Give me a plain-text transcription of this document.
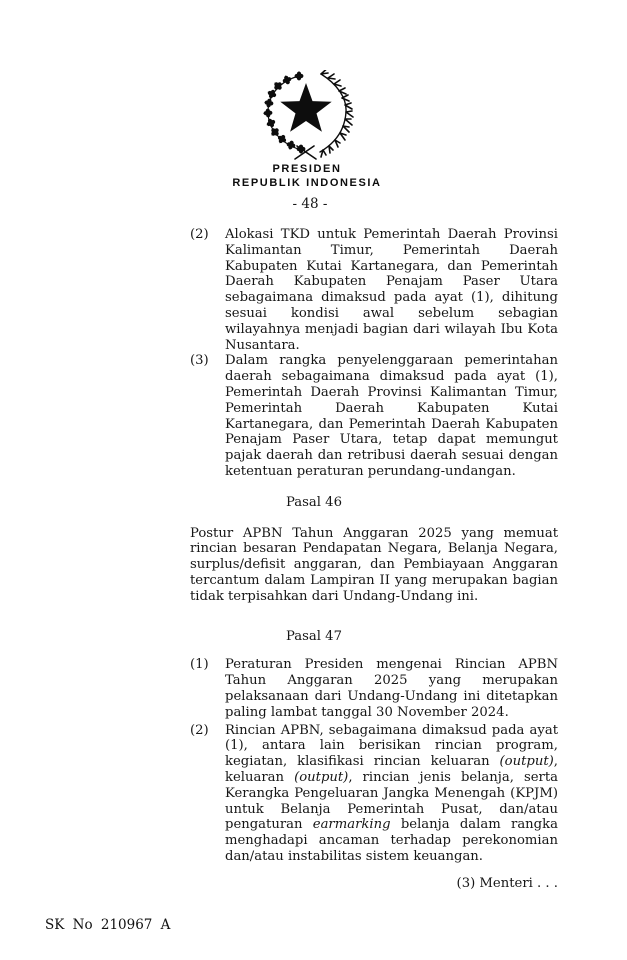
PRESIDEN
REPUBLIK INDONESIA
- 48 -
(2)	Alokasi TKD untuk Pemerintah Daerah Provinsi Kalimantan Timur, Pemerintah Daerah Kabupaten Kutai Kartanegara, dan Pemerintah Daerah Kabupaten Penajam Paser Utara sebagaimana dimaksud pada ayat (1), dihitung sesuai kondisi awal sebelum sebagian wilayahnya menjadi bagian dari wilayah Ibu Kota Nusantara.
(3)	Dalam rangka penyelenggaraan pemerintahan daerah sebagaimana dimaksud pada ayat (1), Pemerintah Daerah Provinsi Kalimantan Timur, Pemerintah Daerah Kabupaten Kutai Kartanegara, dan Pemerintah Daerah Kabupaten Penajam Paser Utara, tetap dapat memungut pajak daerah dan retribusi daerah sesuai dengan ketentuan peraturan perundang-undangan.
Pasal 46
Postur APBN Tahun Anggaran 2025 yang memuat rincian besaran Pendapatan Negara, Belanja Negara, surplus/defisit anggaran, dan Pembiayaan Anggaran tercantum dalam Lampiran II yang merupakan bagian tidak terpisahkan dari Undang-Undang ini.
Pasal 47
(1)	Peraturan Presiden mengenai Rincian APBN Tahun Anggaran 2025 yang merupakan pelaksanaan dari Undang-Undang ini ditetapkan paling lambat tanggal 30 November 2024.
(2)	Rincian APBN, sebagaimana dimaksud pada ayat (1), antara lain berisikan rincian program, kegiatan, klasifikasi rincian keluaran (output), keluaran (output), rincian jenis belanja, serta Kerangka Pengeluaran Jangka Menengah (KPJM) untuk Belanja Pemerintah Pusat, dan/atau pengaturan earmarking belanja dalam rangka menghadapi ancaman terhadap perekonomian dan/atau instabilitas sistem keuangan.
(3) Menteri . . .
SK No 210967 A
